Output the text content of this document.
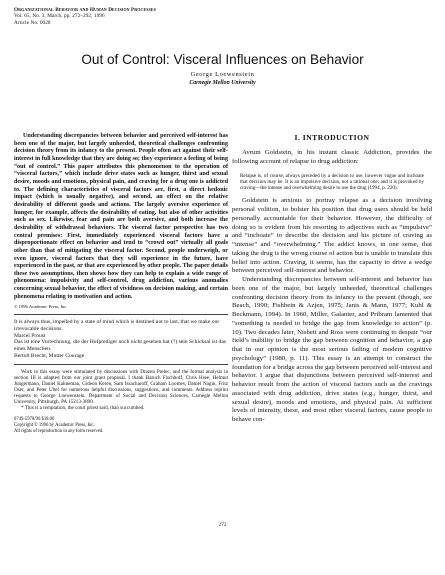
Organizational Behavior and Human Decision Processes
Vol. 65, No. 3, March, pp. 272–292, 1996
Article No. 0028
Out of Control: Visceral Influences on Behavior
George Loewenstein
Carnegie Mellon University

Understanding discrepancies between behavior and perceived self-interest has been one of the major, but largely unheeded, theoretical challenges confronting decision theory from its infancy to the present. People often act against their self-interest in full knowledge that they are doing so; they experience a feeling of being “out of control.” This paper attributes this phenomenon to the operation of “visceral factors,” which include drive states such as hunger, thirst and sexual desire, moods and emotions, physical pain, and craving for a drug one is addicted to. The defining characteristics of visceral factors are, first, a direct hedonic impact (which is usually negative), and second, an effect on the relative desirability of different goods and actions. The largely aversive experience of hunger, for example, affects the desirability of eating, but also of other activities such as sex. Likewise, fear and pain are both aversive, and both increase the desirability of withdrawal behaviors. The visceral factor perspective has two central premises: First, immediately experienced visceral factors have a disproportionate effect on behavior and tend to “crowd out” virtually all goals other than that of mitigating the visceral factor. Second, people underweigh, or even ignore, visceral factors that they will experience in the future, have experienced in the past, or that are experienced by other people. The paper details these two assumptions, then shows how they can help to explain a wide range of phenomena: impulsivity and self-control, drug addiction, various anomalies concerning sexual behavior, the effect of vividness on decision making, and certain phenomena relating to motivation and action.

© 1996 Academic Press, Inc.

It is always thus, impelled by a state of mind which is destined not to last, that we make our irrevocable decisions.

Marcel Proust

Das ist eine Vorrechnung, die der Hofprediger noch nicht gesehen hat (?) sein Schicksal ist das eines Menschen.

Bertolt Brecht, Mutter Courage

Work in this essay were stimulated by discussions with Drazen Prelec, and the formal analysis in section III is adapted from our joint grant proposal. I thank Baruch Fischhoff, Chris Hsee, Helmut Jungermann, Daniel Kahneman, Gideon Keren, Sam Issacharoff, Graham Loomes, Daniel Nagin, Fritz Oser, and Peter Ubel for numerous helpful discussions, suggestions, and comments. Address reprint requests to George Loewenstein, Department of Social and Decision Sciences, Carnegie Mellon University, Pittsburgh, PA 15213-3890.

* This is a temptation, the court priest said, than succumbed.

0749-5978/96 $18.00
Copyright © 1996 by Academic Press, Inc.
All rights of reproduction in any form reserved.
I. INTRODUCTION

Avrum Goldstein, in his instant classic Addiction, provides the following account of relapse to drug addiction:

Relapse is, of course, always preceded by a decision to use, however vague and inchoate that decision may be. It is an impulsive decision, not a rational one; and it is provoked by craving—the intense and overwhelming desire to use the drug (1994, p. 220).

Goldstein is anxious to portray relapse as a decision involving personal volition, to bolster his position that drug users should be held personally accountable for their behavior. However, the difficulty of doing so is evident from his resorting to adjectives such as “impulsive” and “inchoate” to describe the decision and his picture of craving as “intense” and “overwhelming.” The addict knows, in one sense, that taking the drug is the wrong course of action but is unable to translate this belief into action. Craving, it seems, has the capacity to drive a wedge between perceived self-interest and behavior.

Understanding discrepancies between self-interest and behavior has been one of the major, but largely unheeded, theoretical challenges confronting decision theory from its infancy to the present (though, see Beach, 1990; Fishbein & Azjen, 1975; Janis & Mann, 1977; Kuhl & Beckmann, 1994). In 1960, Miller, Galanter, and Pribram lamented that “something is needed to bridge the gap from knowledge to action” (p. 10). Two decades later, Nisbett and Ross were continuing to despair “our field’s inability to bridge the gap between cognition and behavior, a gap that in our opinion is the most serious failing of modern cognitive psychology” (1980, p. 11). This essay is an attempt to construct the foundation for a bridge across the gap between perceived self-interest and behavior. I argue that disjunctions between perceived self-interest and behavior result from the action of visceral factors such as the cravings associated with drug addiction, drive states (e.g., hunger, thirst, and sexual desire), moods and emotions, and physical pain. At sufficient levels of intensity, these, and most other visceral factors, cause people to behave con-

272
